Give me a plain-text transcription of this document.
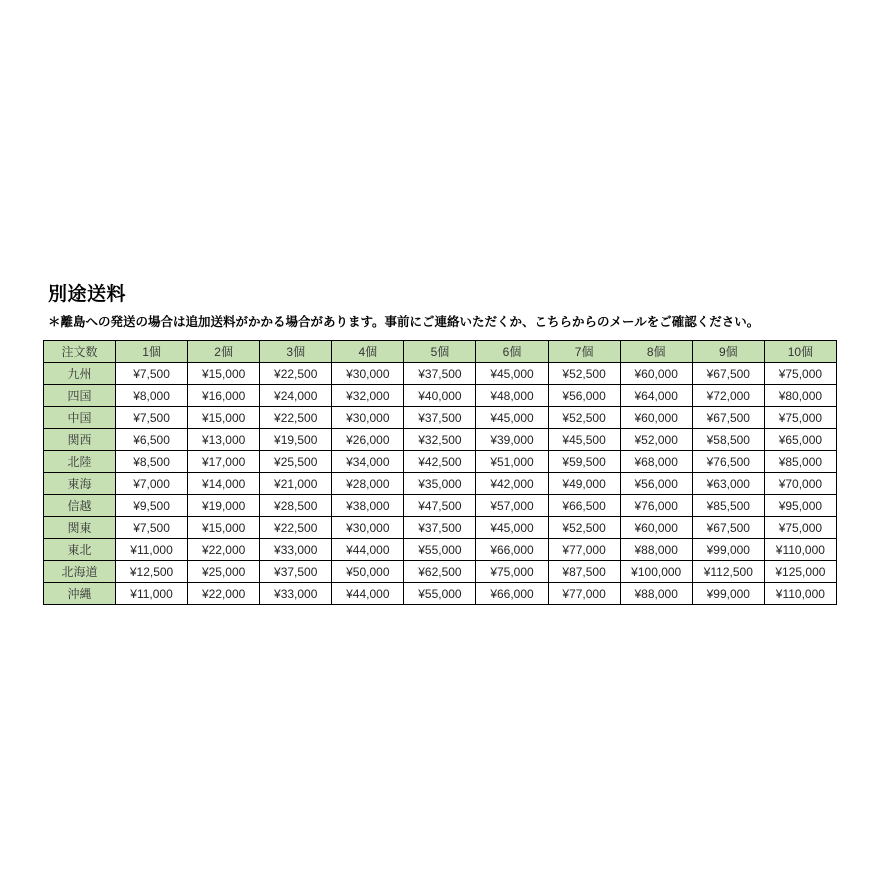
別途送料
＊離島への発送の場合は追加送料がかかる場合があります。事前にご連絡いただくか、こちらからのメールをご確認ください。
注文数	1個	2個	3個	4個	5個	6個	7個	8個	9個	10個
九州	¥7,500	¥15,000	¥22,500	¥30,000	¥37,500	¥45,000	¥52,500	¥60,000	¥67,500	¥75,000
四国	¥8,000	¥16,000	¥24,000	¥32,000	¥40,000	¥48,000	¥56,000	¥64,000	¥72,000	¥80,000
中国	¥7,500	¥15,000	¥22,500	¥30,000	¥37,500	¥45,000	¥52,500	¥60,000	¥67,500	¥75,000
関西	¥6,500	¥13,000	¥19,500	¥26,000	¥32,500	¥39,000	¥45,500	¥52,000	¥58,500	¥65,000
北陸	¥8,500	¥17,000	¥25,500	¥34,000	¥42,500	¥51,000	¥59,500	¥68,000	¥76,500	¥85,000
東海	¥7,000	¥14,000	¥21,000	¥28,000	¥35,000	¥42,000	¥49,000	¥56,000	¥63,000	¥70,000
信越	¥9,500	¥19,000	¥28,500	¥38,000	¥47,500	¥57,000	¥66,500	¥76,000	¥85,500	¥95,000
関東	¥7,500	¥15,000	¥22,500	¥30,000	¥37,500	¥45,000	¥52,500	¥60,000	¥67,500	¥75,000
東北	¥11,000	¥22,000	¥33,000	¥44,000	¥55,000	¥66,000	¥77,000	¥88,000	¥99,000	¥110,000
北海道	¥12,500	¥25,000	¥37,500	¥50,000	¥62,500	¥75,000	¥87,500	¥100,000	¥112,500	¥125,000
沖縄	¥11,000	¥22,000	¥33,000	¥44,000	¥55,000	¥66,000	¥77,000	¥88,000	¥99,000	¥110,000
